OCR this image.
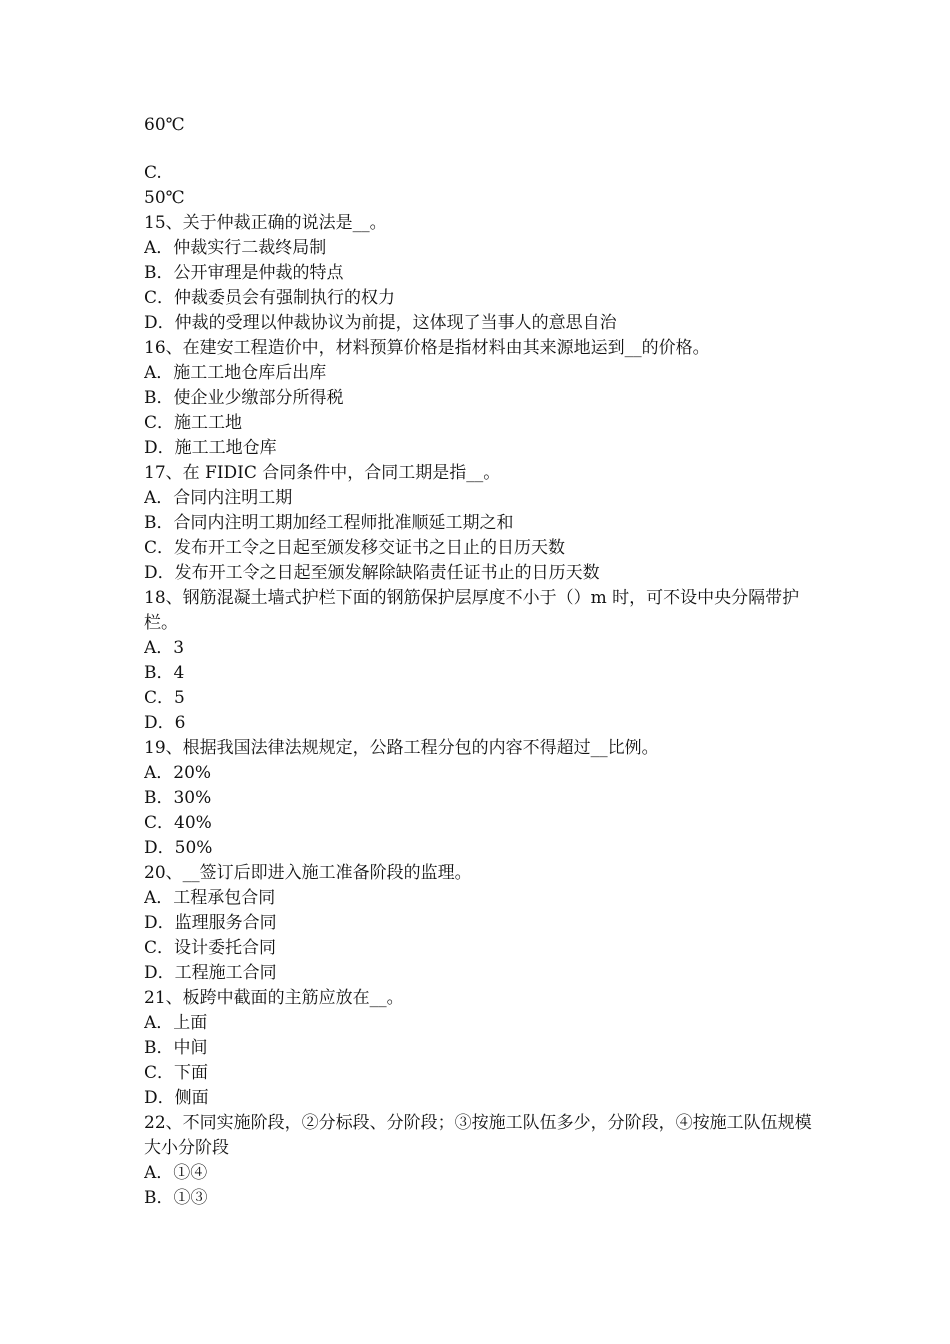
60℃
C.
50℃
15、关于仲裁正确的说法是__。
A．仲裁实行二裁终局制
B．公开审理是仲裁的特点
C．仲裁委员会有强制执行的权力
D．仲裁的受理以仲裁协议为前提，这体现了当事人的意思自治
16、在建安工程造价中，材料预算价格是指材料由其来源地运到__的价格。
A．施工工地仓库后出库
B．使企业少缴部分所得税
C．施工工地
D．施工工地仓库
17、在 FIDIC 合同条件中，合同工期是指__。
A．合同内注明工期
B．合同内注明工期加经工程师批准顺延工期之和
C．发布开工令之日起至颁发移交证书之日止的日历天数
D．发布开工令之日起至颁发解除缺陷责任证书止的日历天数
18、钢筋混凝土墙式护栏下面的钢筋保护层厚度不小于（）m 时，可不设中央分隔带护栏。
A．3
B．4
C．5
D．6
19、根据我国法律法规规定，公路工程分包的内容不得超过__比例。
A．20%
B．30%
C．40%
D．50%
20、__签订后即进入施工准备阶段的监理。
A．工程承包合同
D．监理服务合同
C．设计委托合同
D．工程施工合同
21、板跨中截面的主筋应放在__。
A．上面
B．中间
C．下面
D．侧面
22、不同实施阶段，②分标段、分阶段；③按施工队伍多少，分阶段，④按施工队伍规模大小分阶段
A．①④
B．①③
